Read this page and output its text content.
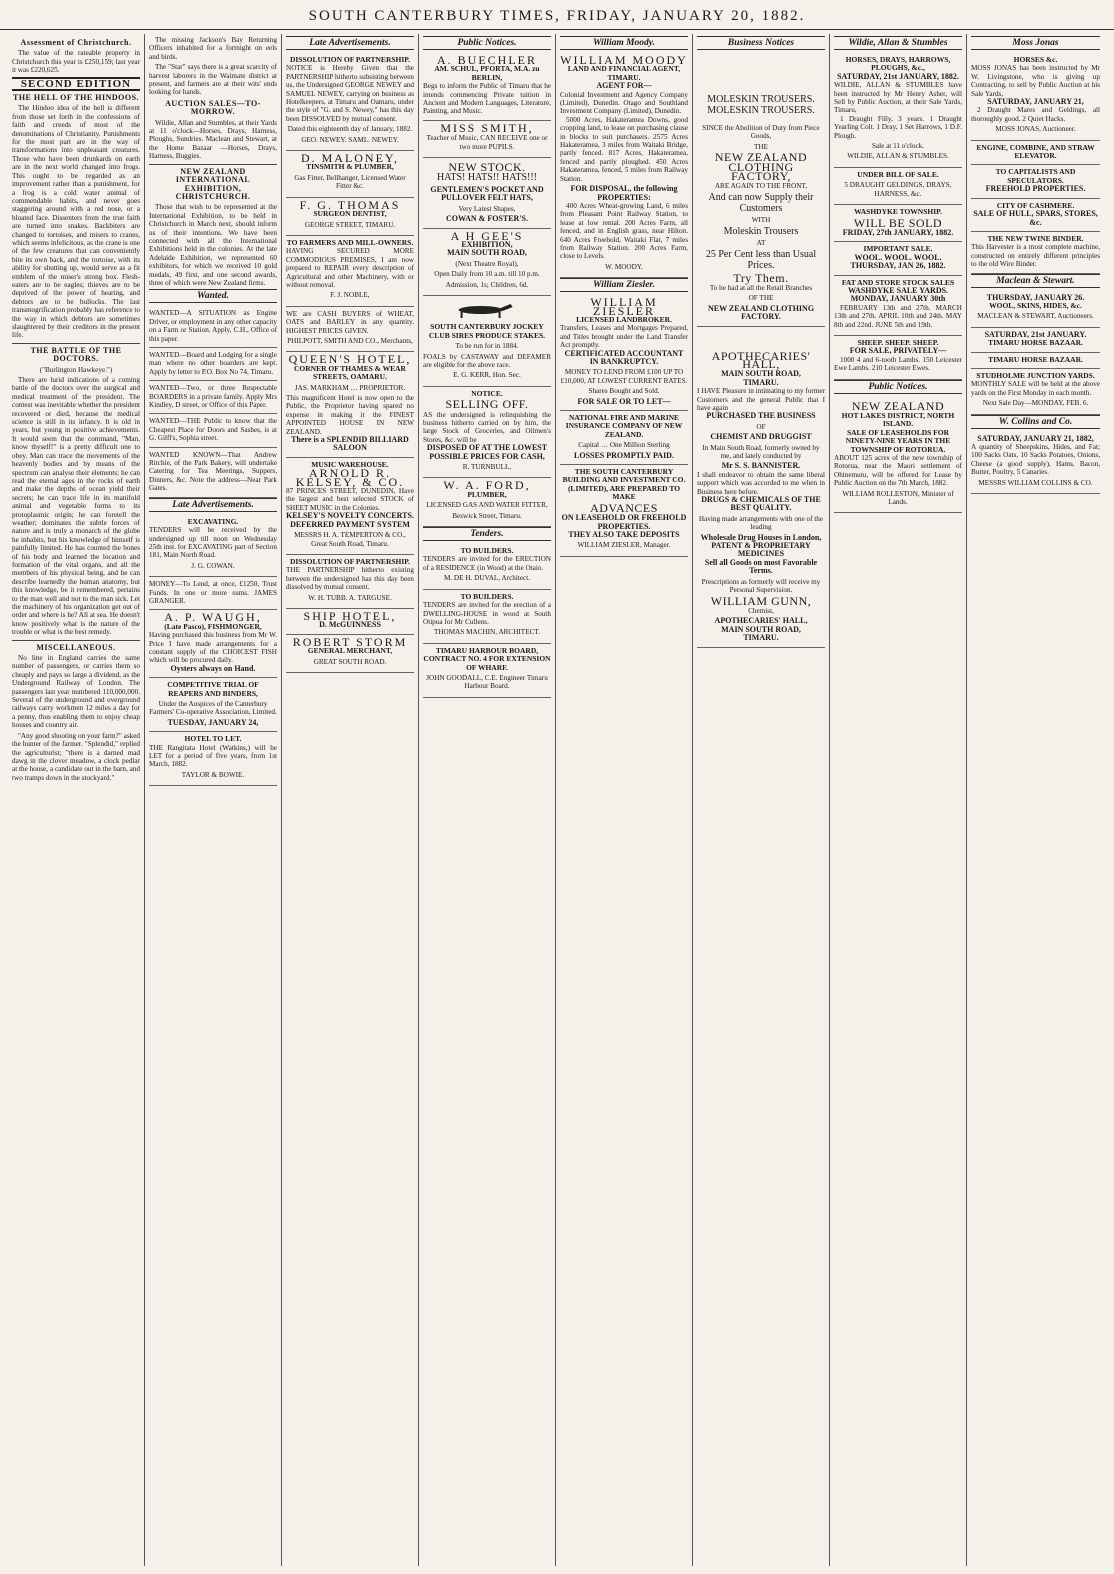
SOUTH CANTERBURY TIMES, FRIDAY, JANUARY 20, 1882.
Assessment of Christchurch.
The value of the rateable property in Christchurch this year is £250,159; last year it was £220,625.
SECOND EDITION
THE HELL OF THE HINDOOS.
The Hindoo idea of the hell is different from those set forth in the confessions of faith and creeds of most of the denominations of Christianity. Punishments for the most part are in the way of transformations into unpleasant creatures. Those who have been drunkards on earth are in the next world changed into frogs. This ought to be regarded as an improvement rather than a punishment, for a frog is a cold water animal of commendable habits, and never goes staggering around with a red nose, or a bloated face. Dissenters from the true faith are turned into snakes. Backbiters are changed to tortoises, and misers to cranes, which seems infelicitous, as the crane is one of the few creatures that can conveniently bite its own back, and the tortoise, with its ability for shutting up, would serve as a fit emblem of the miser's strong box. Flesh-eaters are to be eagles; thieves are to be deprived of the power of hearing, and debtors are to be bullocks. The last transmogrification probably has reference to the way in which debtors are sometimes slaughtered by their creditors in the present life.
THE BATTLE OF THE DOCTORS.
("Burlington Hawkeye.")
There are lurid indications of a coming battle of the doctors over the surgical and medical treatment of the president. The contest was inevitable whether the president recovered or died, because the medical science is still in its infancy. It is old in years, but young in positive achievements. It would seem that the command, "Man, know thyself!" is a pretty difficult one to obey. Man can trace the movements of the heavenly bodies and by means of the spectrum can analyse their elements; he can read the eternal ages in the rocks of earth and make the depths of ocean yield their secrets; he can trace life in its manifold animal and vegetable forms to its protoplasmic origin; he can foretell the weather; dominates the subtle forces of nature and is truly a monarch of the globe he inhabits, but his knowledge of himself is painfully limited. He has counted the bones of his body and learned the location and formation of the vital organs, and all the members of his physical being, and he can describe learnedly the human anatomy, but this knowledge, be it remembered, pertains to the man well and not to the man sick. Let the machinery of his organization get out of order and where is he? All at sea. He doesn't know positively what is the nature of the trouble or what is the best remedy.
MISCELLANEOUS.
No line in England carries the same number of passengers, or carries them so cheaply and pays so large a dividend, as the Underground Railway of London. The passengers last year numbered 110,000,000. Several of the underground and overground railways carry workmen 12 miles a day for a penny, thus enabling them to enjoy cheap houses and country air.
"Any good shooting on your farm?" asked the hunter of the farmer. "Splendid," replied the agriculturist; "there is a darned mad dawg in the clover meadow, a clock pedlar at the house, a candidate out in the barn, and two tramps down in the stockyard."
The missing Jackson's Bay Returning Officers inhabited for a fortnight on eels and birds.
The "Star" says there is a great scarcity of harvest laborers in the Waimate district at present, and farmers are at their wits' ends looking for hands.
AUCTION SALES—TO-MORROW.
Wildie, Allan and Stumbles, at their Yards at 11 o'clock—Horses, Drays, Harness, Ploughs, Sundries. Maclean and Stewart, at the Home Bazaar —Horses, Drays, Harness, Buggies.
NEW ZEALAND INTERNATIONAL EXHIBITION, CHRISTCHURCH.
Those that wish to be represented at the International Exhibition, to be held in Christchurch in March next, should inform us of their intentions. We have been connected with all the International Exhibitions held in the colonies. At the late Adelaide Exhibition, we represented 60 exhibitors, for which we received 10 gold medals, 49 first, and one second awards, three of which were New Zealand firms.
Wanted.
WANTED—A SITUATION as Engine Driver, or employment in any other capacity on a Farm or Station. Apply, C.H., Office of this paper.
WANTED—Board and Lodging for a single man where no other boarders are kept. Apply by letter to P.O. Box No 74, Timaru.
WANTED—Two, or three Respectable BOARDERS in a private family. Apply Mrs Kindley, D street, or Office of this Paper.
WANTED—THE Public to know that the Cheapest Place for Doors and Sashes, is at G. Gilfl's, Sophia street.
WANTED KNOWN—That Andrew Ritchie, of the Park Bakery, will undertake Catering for Tea Meetings, Suppers, Dinners, &c. Note the address—Near Park Gates.
Late Advertisements.
EXCAVATING.
TENDERS will be received by the undersigned up till noon on Wednesday 25th inst. for EXCAVATING part of Section 181, Main North Road.
J. G. COWAN.
MONEY—To Lend, at once, £1250, Trust Funds. In one or more sums. JAMES GRANGER.
A. P. WAUGH,
(Late Pasco), FISHMONGER,
Having purchased this business from Mr W. Price I have made arrangements for a constant supply of the CHOICEST FISH which will be procured daily.
Oysters always on Hand.
COMPETITIVE TRIAL OF REAPERS AND BINDERS,
Under the Auspices of the Canterbury Farmers' Co-operative Association, Limited.
TUESDAY, JANUARY 24,
HOTEL TO LET.
THE Rangitata Hotel (Watkins,) will be LET for a period of five years, from 1st March, 1882.
TAYLOR & BOWIE.
Late Advertisements.
DISSOLUTION OF PARTNERSHIP.
NOTICE is Hereby Given that the PARTNERSHIP hitherto subsisting between us, the Undersigned GEORGE NEWEY and SAMUEL NEWEY, carrying on business as Hotelkeepers, at Timaru and Oamaru, under the style of "G. and S. Newey," has this day been DISSOLVED by mutual consent.
Dated this eighteenth day of January, 1882.
GEO. NEWEY. SAML. NEWEY.
D. MALONEY,
TINSMITH & PLUMBER,
Gas Fitter, Bellhanger, Licensed Water Fitter &c.
F. G. THOMAS
SURGEON DENTIST,
GEORGE STREET, TIMARU.
TO FARMERS AND MILL-OWNERS.
HAVING SECURED MORE COMMODIOUS PREMISES, I am now prepared to REPAIR every description of Agricultural and other Machinery, with or without removal.
F. J. NOBLE,
WE are CASH BUYERS of WHEAT, OATS and BARLEY in any quantity. HIGHEST PRICES GIVEN.
PHILPOTT, SMITH AND CO., Merchants,
QUEEN'S HOTEL,
CORNER OF THAMES & WEAR STREETS, OAMARU.
JAS. MARKHAM … PROPRIETOR.
This magnificent Hotel is now open to the Public, the Proprietor having spared no expense in making it the FINEST APPOINTED HOUSE IN NEW ZEALAND.
There is a SPLENDID BILLIARD SALOON
MUSIC WAREHOUSE.
ARNOLD R. KELSEY, & CO.
87 PRINCES STREET, DUNEDIN, Have the largest and best selected STOCK of SHEET MUSIC in the Colonies.
KELSEY'S NOVELTY CONCERTS.
DEFERRED PAYMENT SYSTEM
MESSRS H. A. TEMPERTON & CO., Great South Road, Timaru.
DISSOLUTION OF PARTNERSHIP.
THE PARTNERSHIP hitherto existing between the undersigned has this day been dissolved by mutual consent.
W. H. TUBB. A. TARGUSE.
SHIP HOTEL,
D. McGUINNESS
ROBERT STORM
GENERAL MERCHANT,
GREAT SOUTH ROAD.
Public Notices.
A. BUECHLER
AM. SCHUL, PFORTA, M.A. zu BERLIN,
Begs to inform the Public of Timaru that he intends commencing Private tuition in Ancient and Modern Languages, Literature, Painting, and Music.
MISS SMITH,
Teacher of Music, CAN RECEIVE one or two more PUPILS.
NEW STOCK.
HATS! HATS!! HATS!!!
GENTLEMEN'S POCKET AND PULLOVER FELT HATS,
Very Latest Shapes,
COWAN & FOSTER'S.
A H GEE'S
EXHIBITION,
MAIN SOUTH ROAD,
(Next Theatre Royal),
Open Daily from 10 a.m. till 10 p.m.
Admission, 1s; Children, 6d.
SOUTH CANTERBURY JOCKEY CLUB SIRES PRODUCE STAKES.
To be run for in 1884.
FOALS by CASTAWAY and DEFAMER are eligible for the above race.
E. G. KERR, Hon. Sec.
NOTICE.
SELLING OFF.
AS the undersigned is relinquishing the business hitherto carried on by him, the large Stock of Groceries, and Oilmen's Stores, &c. will be
DISPOSED OF AT THE LOWEST POSSIBLE PRICES FOR CASH,
R. TURNBULL,
W. A. FORD,
PLUMBER,
LICENSED GAS AND WATER FITTER,
Beswick Street, Timaru.
Tenders.
TO BUILDERS.
TENDERS are invited for the ERECTION of a RESIDENCE (in Wood) at the Otaio.
M. DE H. DUVAL, Architect.
TO BUILDERS.
TENDERS are invited for the erection of a DWELLING-HOUSE in wood at South Otipua for Mr Cullens.
THOMAS MACHIN, ARCHITECT.
TIMARU HARBOUR BOARD,
CONTRACT NO. 4 FOR EXTENSION OF WHARF.
JOHN GOODALL, C.E. Engineer Timaru Harbour Board.
William Moody.
WILLIAM MOODY
LAND AND FINANCIAL AGENT, TIMARU.
AGENT FOR—
Colonial Investment and Agency Company (Limited), Dunedin. Otago and Southland Investment Company (Limited), Dunedin.
5000 Acres, Hakateramea Downs, good cropping land, to lease on purchasing clause in blocks to suit purchasers. 2575 Acres Hakateramea, 3 miles from Waitaki Bridge, partly fenced. 817 Acres, Hakateramea, fenced and partly ploughed. 450 Acres Hakateramea, fenced, 5 miles from Railway Station.
FOR DISPOSAL, the following PROPERTIES:
400 Acres Wheat-growing Land, 6 miles from Pleasant Point Railway Station, to lease at low rental. 200 Acres Farm, all fenced, and in English grass, near Hilton. 640 Acres Freehold, Waitaki Flat, 7 miles from Railway Station. 200 Acres Farm, close to Levels.
W. MOODY.
William Ziesler.
WILLIAM ZIESLER
LICENSED LANDBROKER.
Transfers, Leases and Mortgages Prepared, and Titles brought under the Land Transfer Act promptly.
CERTIFICATED ACCOUNTANT IN BANKRUPTCY.
MONEY TO LEND FROM £100 UP TO £10,000, AT LOWEST CURRENT RATES.
Shares Bought and Sold.
FOR SALE OR TO LET—
NATIONAL FIRE AND MARINE INSURANCE COMPANY OF NEW ZEALAND.
Capital … One Million Sterling
LOSSES PROMPTLY PAID.
THE SOUTH CANTERBURY BUILDING AND INVESTMENT CO. (LIMITED), ARE PREPARED TO MAKE
ADVANCES
ON LEASEHOLD OR FREEHOLD PROPERTIES.
THEY ALSO TAKE DEPOSITS
WILLIAM ZIESLER, Manager.
Business Notices
MOLESKIN TROUSERS.
MOLESKIN TROUSERS.
SINCE the Abolition of Duty from Piece Goods,
THE
NEW ZEALAND
CLOTHING FACTORY,
ARE AGAIN TO THE FRONT,
And can now Supply their
Customers
WITH
Moleskin Trousers
AT
25 Per Cent less than Usual
Prices.
Try Them.
To be had at all the Retail Branches
OF THE
NEW ZEALAND CLOTHING
FACTORY.
APOTHECARIES' HALL,
MAIN SOUTH ROAD,
TIMARU.
I HAVE Pleasure in intimating to my former Customers and the general Public that I have again
PURCHASED THE BUSINESS
OF
CHEMIST AND DRUGGIST
In Main South Road, formerly owned by me, and lately conducted by
Mr S. S. BANNISTER.
I shall endeavor to obtain the same liberal support which was accorded to me when in Business here before.
DRUGS & CHEMICALS OF THE BEST QUALITY.
Having made arrangements with one of the leading
Wholesale Drug Houses in London,
PATENT & PROPRIETARY MEDICINES
Sell all Goods on most Favorable Terms.
Prescriptions as formerly will receive my Personal Supervision.
WILLIAM GUNN,
Chemist,
APOTHECARIES' HALL,
MAIN SOUTH ROAD,
TIMARU.
Wildie, Allan & Stumbles
HORSES, DRAYS, HARROWS, PLOUGHS, &c.,
SATURDAY, 21st JANUARY, 1882.
WILDIE, ALLAN & STUMBLES have been instructed by Mr Henry Asher, will Sell by Public Auction, at their Sale Yards, Timaru,
1 Draught Filly, 3 years. 1 Draught Yearling Colt. 1 Dray, 1 Set Harrows, 1 D.F. Plough.
Sale at 11 o'clock.
WILDIE, ALLAN & STUMBLES.
UNDER BILL OF SALE.
5 DRAUGHT GELDINGS, DRAYS, HARNESS, &c.
WASHDYKE TOWNSHIP.
WILL BE SOLD
FRIDAY, 27th JANUARY, 1882.
IMPORTANT SALE.
WOOL. WOOL. WOOL.
THURSDAY, JAN 26, 1882.
FAT AND STORE STOCK SALES
WASHDYKE SALE YARDS.
MONDAY, JANUARY 30th
FEBRUARY 13th and 27th. MARCH 13th and 27th. APRIL 10th and 24th. MAY 8th and 22nd. JUNE 5th and 19th.
SHEEP. SHEEP. SHEEP.
FOR SALE, PRIVATELY—
1000 4 and 6-tooth Lambs. 150 Leicester Ewe Lambs. 210 Leicester Ewes.
Public Notices.
NEW ZEALAND
HOT LAKES DISTRICT, NORTH ISLAND.
SALE OF LEASEHOLDS FOR NINETY-NINE YEARS IN THE TOWNSHIP OF ROTORUA.
ABOUT 125 acres of the new township of Rotorua, near the Maori settlement of Ohinemutu, will be offered for Lease by Public Auction on the 7th March, 1882.
WILLIAM ROLLESTON, Minister of Lands.
Moss Jonas
HORSES &c.
MOSS JONAS has been instructed by Mr W. Livingstone, who is giving up Contracting, to sell by Public Auction at his Sale Yards,
SATURDAY, JANUARY 21,
2 Draught Mares and Geldings, all thoroughly good. 2 Quiet Hacks.
MOSS JONAS, Auctioneer.
ENGINE, COMBINE, AND STRAW ELEVATOR.
TO CAPITALISTS AND SPECULATORS.
FREEHOLD PROPERTIES.
CITY OF CASHMERE.
SALE OF HULL, SPARS, STORES, &c.
THE NEW TWINE BINDER.
This Harvester is a most complete machine, constructed on entirely different principles to the old Wire Binder.
Maclean & Stewart.
THURSDAY, JANUARY 26.
WOOL, SKINS, HIDES, &c.
MACLEAN & STEWART, Auctioneers.
SATURDAY, 21st JANUARY.
TIMARU HORSE BAZAAR.
TIMARU HORSE BAZAAR.
STUDHOLME JUNCTION YARDS.
MONTHLY SALE will be held at the above yards on the First Monday in each month.
Next Sale Day—MONDAY, FEB. 6.
W. Collins and Co.
SATURDAY, JANUARY 21, 1882,
A quantity of Sheepskins, Hides, and Fat; 100 Sacks Oats, 10 Sacks Potatoes, Onions, Cheese (a good supply), Hams, Bacon, Butter, Poultry, 5 Canaries.
MESSRS WILLIAM COLLINS & CO.
